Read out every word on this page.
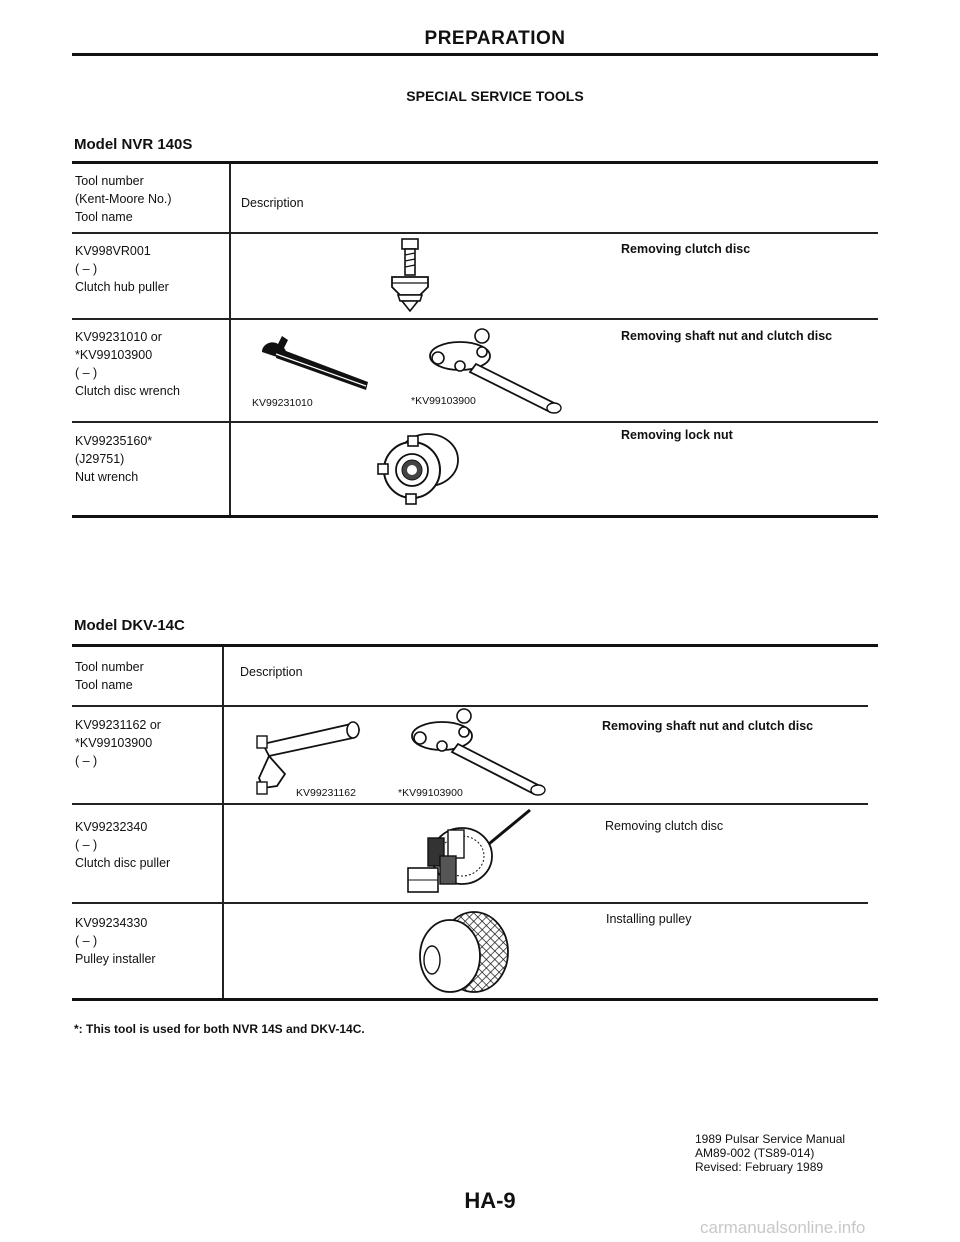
PREPARATION
SPECIAL SERVICE TOOLS
Model NVR 140S
Tool number
(Kent-Moore No.)
Tool name
Description
KV998VR001
( – )
Clutch hub puller
Removing clutch disc
KV99231010 or
*KV99103900
( – )
Clutch disc wrench
Removing shaft nut and clutch disc
KV99231010	*KV99103900
KV99235160*
(J29751)
Nut wrench
Removing lock nut
Model DKV-14C
Tool number
Tool name
Description
KV99231162 or
*KV99103900
( – )
Removing shaft nut and clutch disc
KV99231162	*KV99103900
KV99232340
( – )
Clutch disc puller
Removing clutch disc
KV99234330
( – )
Pulley installer
Installing pulley
*: This tool is used for both NVR 14S and DKV-14C.
1989 Pulsar Service Manual
AM89-002 (TS89-014)
Revised: February 1989
HA-9
carmanualsonline.info
